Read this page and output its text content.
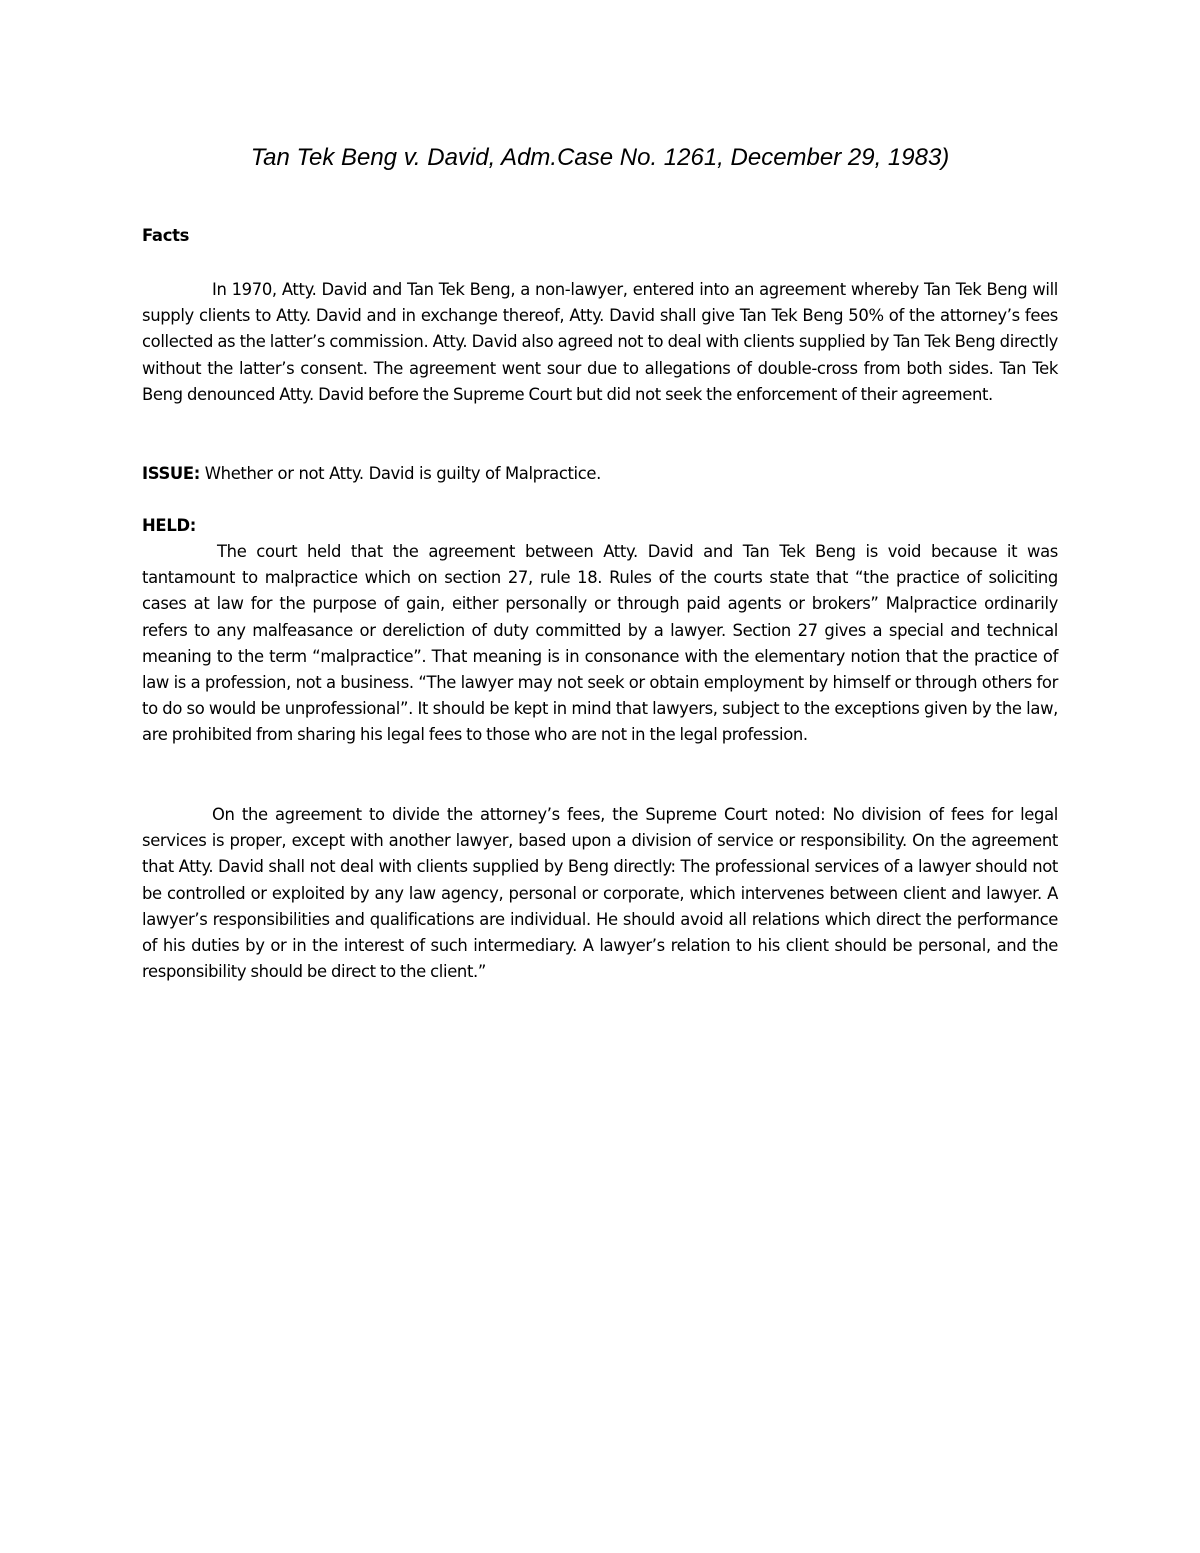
Tan Tek Beng v. David, Adm.Case No. 1261, December 29, 1983)
Facts

In 1970, Atty. David and Tan Tek Beng, a non-lawyer, entered into an agreement whereby Tan Tek Beng will supply clients to Atty. David and in exchange thereof, Atty. David shall give Tan Tek Beng 50% of the attorney’s fees collected as the latter’s commission. Atty. David also agreed not to deal with clients supplied by Tan Tek Beng directly without the latter’s consent. The agreement went sour due to allegations of double-cross from both sides. Tan Tek Beng denounced Atty. David before the Supreme Court but did not seek the enforcement of their agreement.

ISSUE: Whether or not Atty. David is guilty of Malpractice.
HELD:

The court held that the agreement between Atty. David and Tan Tek Beng is void because it was tantamount to malpractice which on section 27, rule 18. Rules of the courts state that “the practice of soliciting cases at law for the purpose of gain, either personally or through paid agents or brokers” Malpractice ordinarily refers to any malfeasance or dereliction of duty committed by a lawyer. Section 27 gives a special and technical meaning to the term “malpractice”. That meaning is in consonance with the elementary notion that the practice of law is a profession, not a business. “The lawyer may not seek or obtain employment by himself or through others for to do so would be unprofessional”. It should be kept in mind that lawyers, subject to the exceptions given by the law, are prohibited from sharing his legal fees to those who are not in the legal profession.

On the agreement to divide the attorney’s fees, the Supreme Court noted: No division of fees for legal services is proper, except with another lawyer, based upon a division of service or responsibility. On the agreement that Atty. David shall not deal with clients supplied by Beng directly: The professional services of a lawyer should not be controlled or exploited by any law agency, personal or corporate, which intervenes between client and lawyer. A lawyer’s responsibilities and qualifications are individual. He should avoid all relations which direct the performance of his duties by or in the interest of such intermediary. A lawyer’s relation to his client should be personal, and the responsibility should be direct to the client.”
